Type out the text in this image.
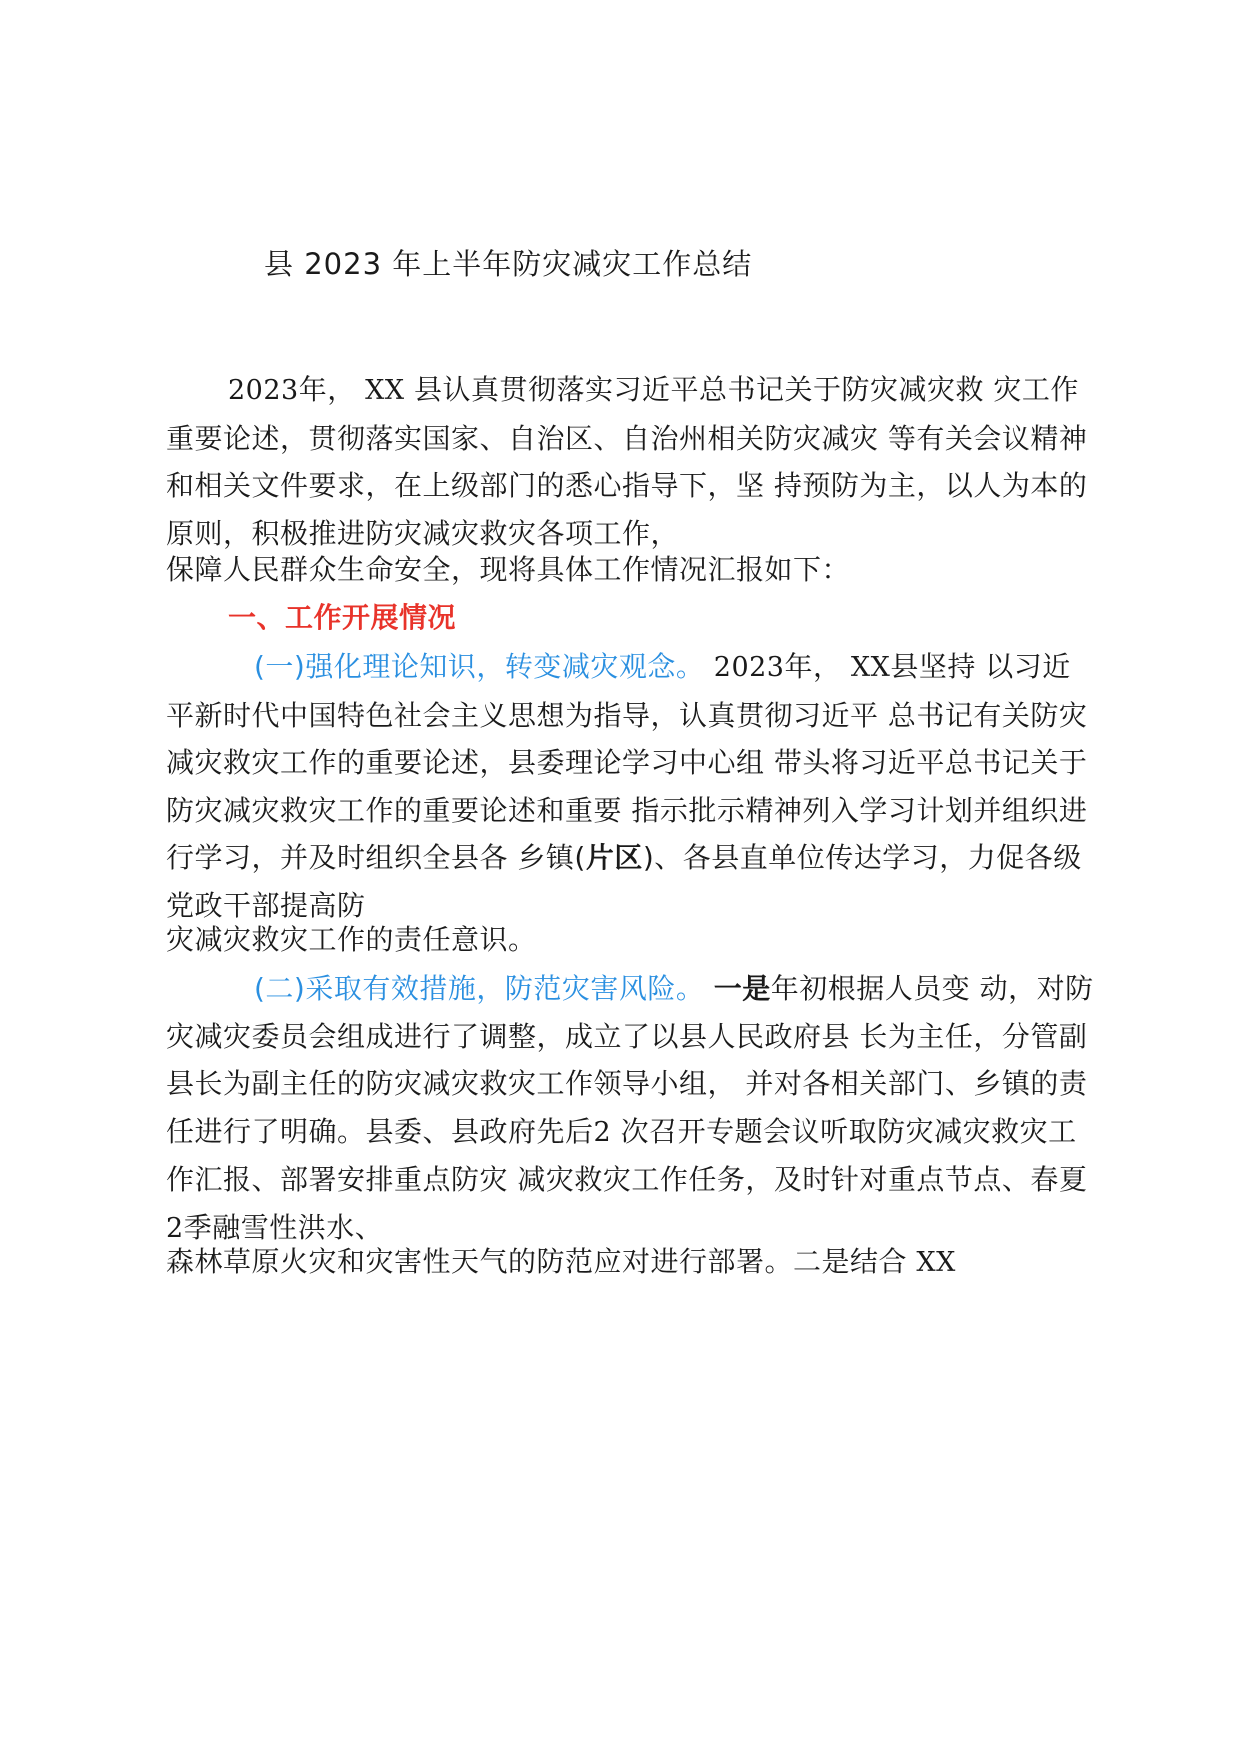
县 2023 年上半年防灾减灾工作总结

2023年， XX 县认真贯彻落实习近平总书记关于防灾减灾救 灾工作重要论述，贯彻落实国家、自治区、自治州相关防灾减灾 等有关会议精神和相关文件要求，在上级部门的悉心指导下，坚 持预防为主，以人为本的原则，积极推进防灾减灾救灾各项工作，

保障人民群众生命安全，现将具体工作情况汇报如下：

一、工作开展情况

(一)强化理论知识，转变减灾观念。 2023年， XX县坚持 以习近平新时代中国特色社会主义思想为指导，认真贯彻习近平 总书记有关防灾减灾救灾工作的重要论述，县委理论学习中心组 带头将习近平总书记关于防灾减灾救灾工作的重要论述和重要 指示批示精神列入学习计划并组织进行学习，并及时组织全县各 乡镇(片区)、各县直单位传达学习，力促各级党政干部提高防

灾减灾救灾工作的责任意识。

(二)采取有效措施，防范灾害风险。 一是年初根据人员变 动，对防灾减灾委员会组成进行了调整，成立了以县人民政府县 长为主任，分管副县长为副主任的防灾减灾救灾工作领导小组， 并对各相关部门、乡镇的责任进行了明确。县委、县政府先后2 次召开专题会议听取防灾减灾救灾工作汇报、部署安排重点防灾 减灾救灾工作任务，及时针对重点节点、春夏2季融雪性洪水、

森林草原火灾和灾害性天气的防范应对进行部署。二是结合 XX
